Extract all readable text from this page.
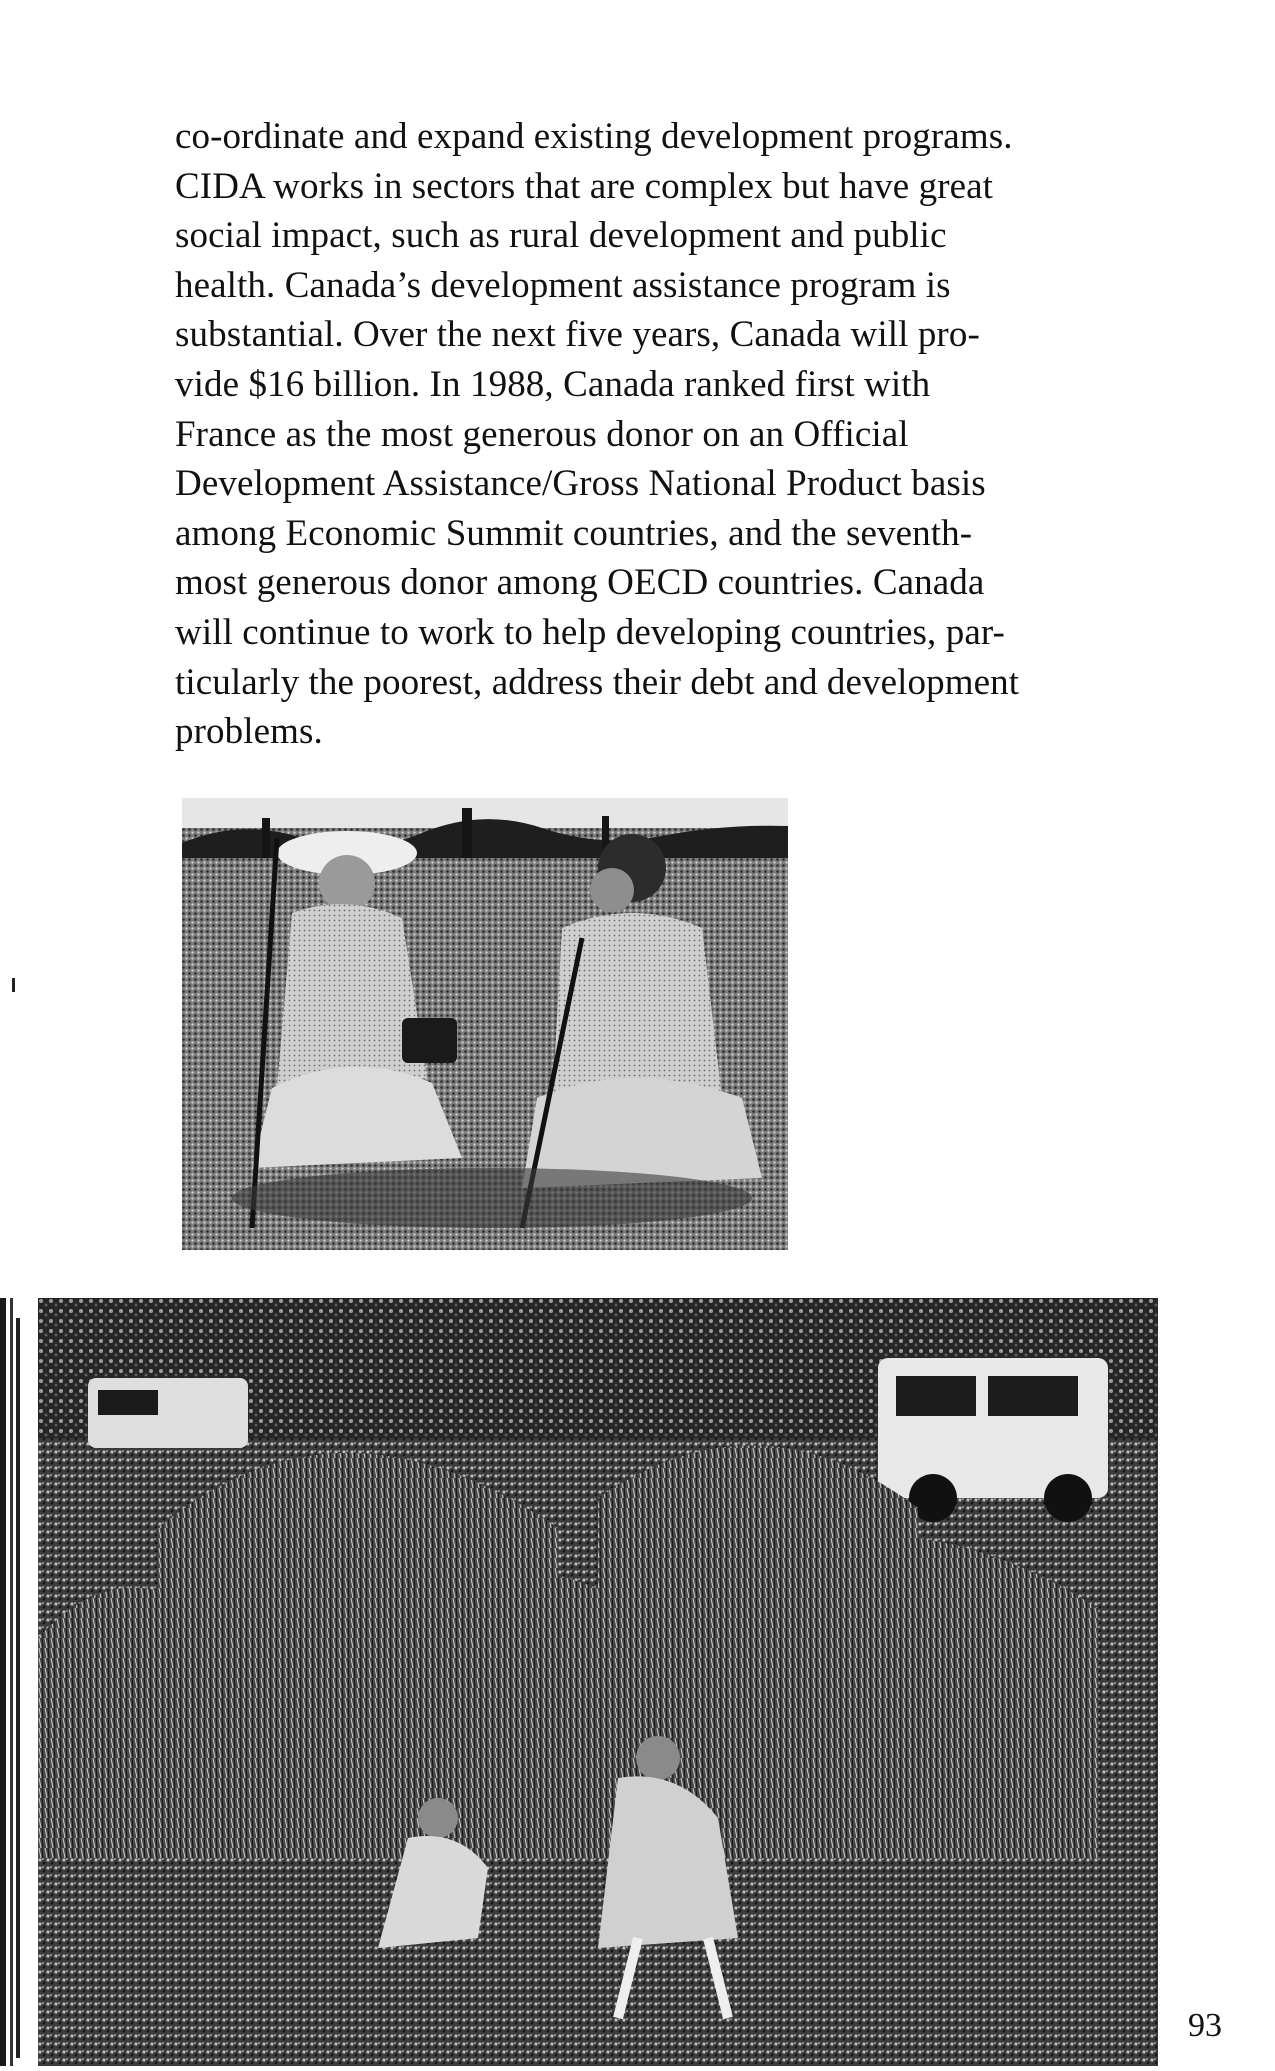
co-ordinate and expand existing development programs.
CIDA works in sectors that are complex but have great
social impact, such as rural development and public
health. Canada’s development assistance program is
substantial. Over the next five years, Canada will pro-
vide $16 billion. In 1988, Canada ranked first with
France as the most generous donor on an Official
Development Assistance/Gross National Product basis
among Economic Summit countries, and the seventh-
most generous donor among OECD countries. Canada
will continue to work to help developing countries, par-
ticularly the poorest, address their debt and development
problems.
93
